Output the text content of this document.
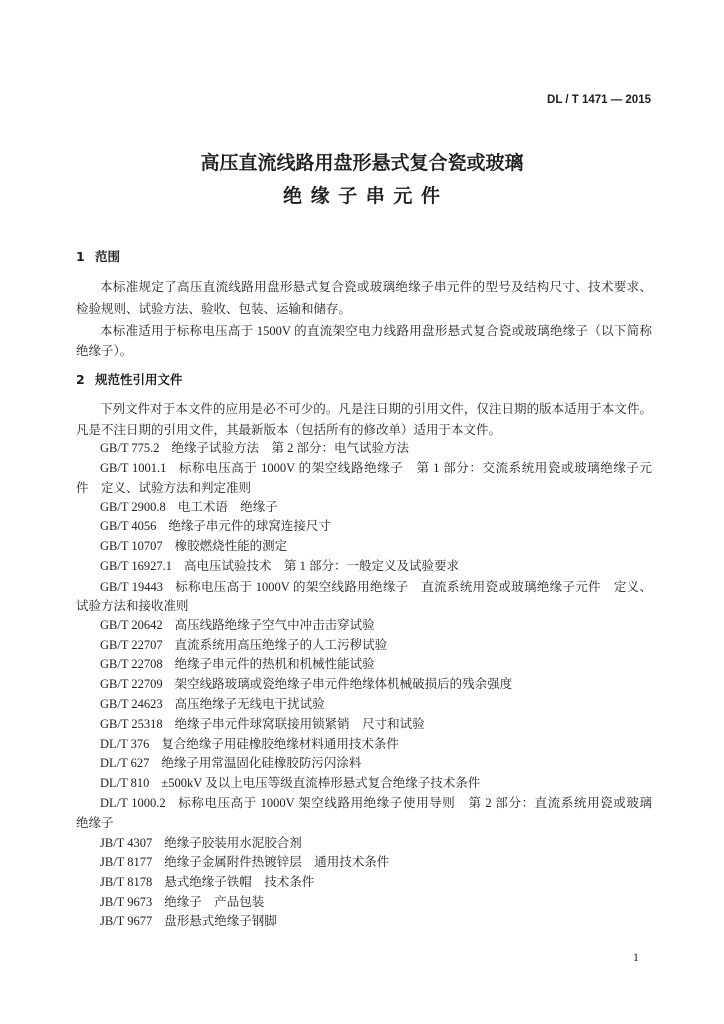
DL / T 1471 — 2015
高压直流线路用盘形悬式复合瓷或玻璃
绝 缘 子 串 元 件
1 范围
本标准规定了高压直流线路用盘形悬式复合瓷或玻璃绝缘子串元件的型号及结构尺寸、技术要求、
检验规则、试验方法、验收、包装、运输和储存。
本标准适用于标称电压高于 1500V 的直流架空电力线路用盘形悬式复合瓷或玻璃绝缘子（以下简称
绝缘子）。
2 规范性引用文件
下列文件对于本文件的应用是必不可少的。凡是注日期的引用文件，仅注日期的版本适用于本文件。
凡是不注日期的引用文件，其最新版本（包括所有的修改单）适用于本文件。
GB/T 775.2 绝缘子试验方法　第 2 部分：电气试验方法
GB/T 1001.1 标称电压高于 1000V 的架空线路绝缘子　第 1 部分：交流系统用瓷或玻璃绝缘子元
件　定义、试验方法和判定准则
GB/T 2900.8 电工术语　绝缘子
GB/T 4056 绝缘子串元件的球窝连接尺寸
GB/T 10707 橡胶燃烧性能的测定
GB/T 16927.1 高电压试验技术　第 1 部分：一般定义及试验要求
GB/T 19443 标称电压高于 1000V 的架空线路用绝缘子　直流系统用瓷或玻璃绝缘子元件　定义、
试验方法和接收准则
GB/T 20642 高压线路绝缘子空气中冲击击穿试验
GB/T 22707 直流系统用高压绝缘子的人工污秽试验
GB/T 22708 绝缘子串元件的热机和机械性能试验
GB/T 22709 架空线路玻璃或瓷绝缘子串元件绝缘体机械破损后的残余强度
GB/T 24623 高压绝缘子无线电干扰试验
GB/T 25318 绝缘子串元件球窝联接用锁紧销　尺寸和试验
DL/T 376 复合绝缘子用硅橡胶绝缘材料通用技术条件
DL/T 627 绝缘子用常温固化硅橡胶防污闪涂料
DL/T 810 ±500kV 及以上电压等级直流棒形悬式复合绝缘子技术条件
DL/T 1000.2 标称电压高于 1000V 架空线路用绝缘子使用导则　第 2 部分：直流系统用瓷或玻璃
绝缘子
JB/T 4307 绝缘子胶装用水泥胶合剂
JB/T 8177 绝缘子金属附件热镀锌层　通用技术条件
JB/T 8178 悬式绝缘子铁帽　技术条件
JB/T 9673 绝缘子　产品包装
JB/T 9677 盘形悬式绝缘子钢脚
1
